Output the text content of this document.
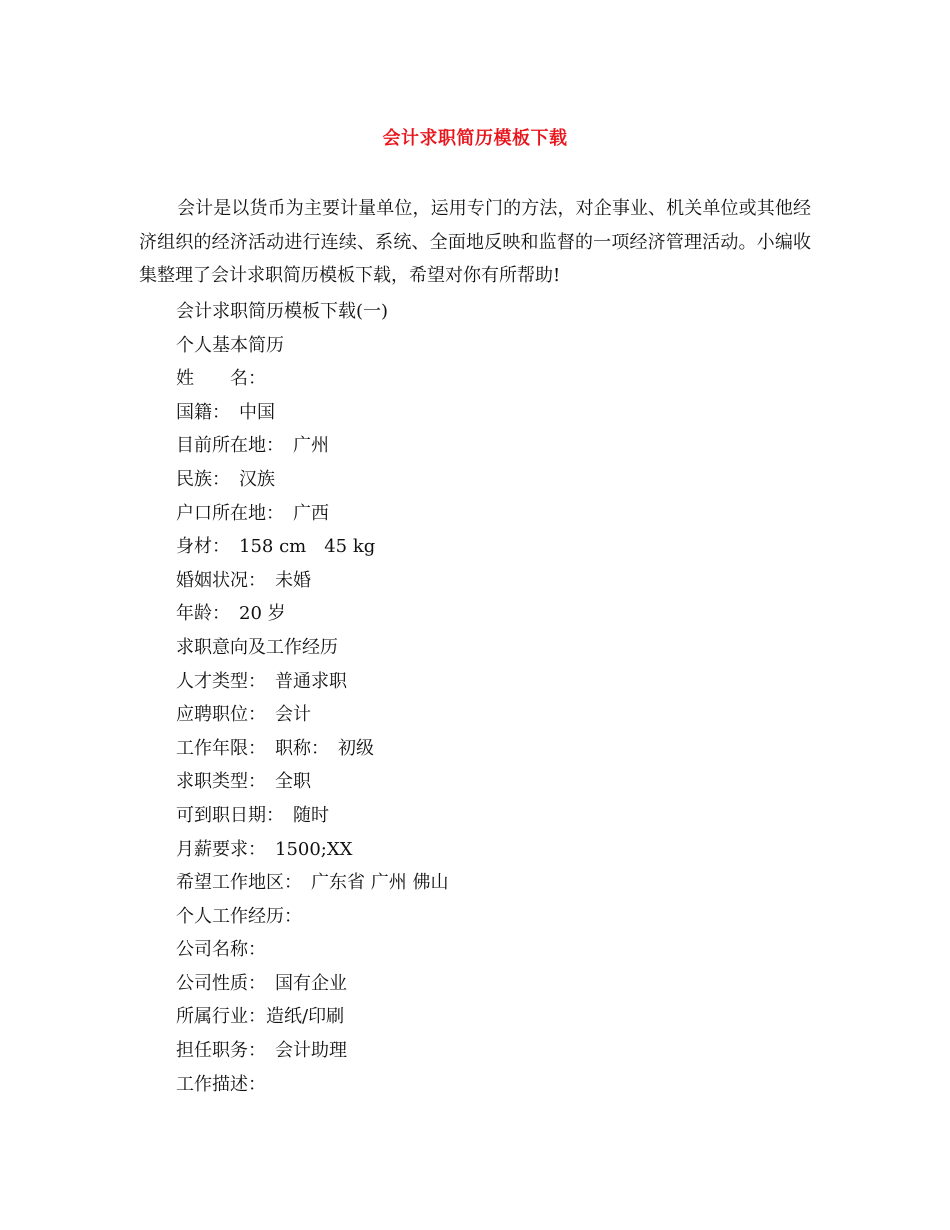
会计求职简历模板下载
会计是以货币为主要计量单位，运用专门的方法，对企事业、机关单位或其他经济组织的经济活动进行连续、系统、全面地反映和监督的一项经济管理活动。小编收集整理了会计求职简历模板下载，希望对你有所帮助!
会计求职简历模板下载(一)
个人基本简历
姓　　名：
国籍：　中国
目前所在地：　广州
民族：　汉族
户口所在地：　广西
身材：　158 cm　45 kg
婚姻状况：　未婚
年龄：　20 岁
求职意向及工作经历
人才类型：　普通求职
应聘职位：　会计
工作年限：　职称：　初级
求职类型：　全职
可到职日期：　随时
月薪要求：　1500;XX
希望工作地区：　广东省 广州 佛山
个人工作经历：
公司名称：
公司性质：　国有企业
所属行业：造纸/印刷
担任职务：　会计助理
工作描述：
